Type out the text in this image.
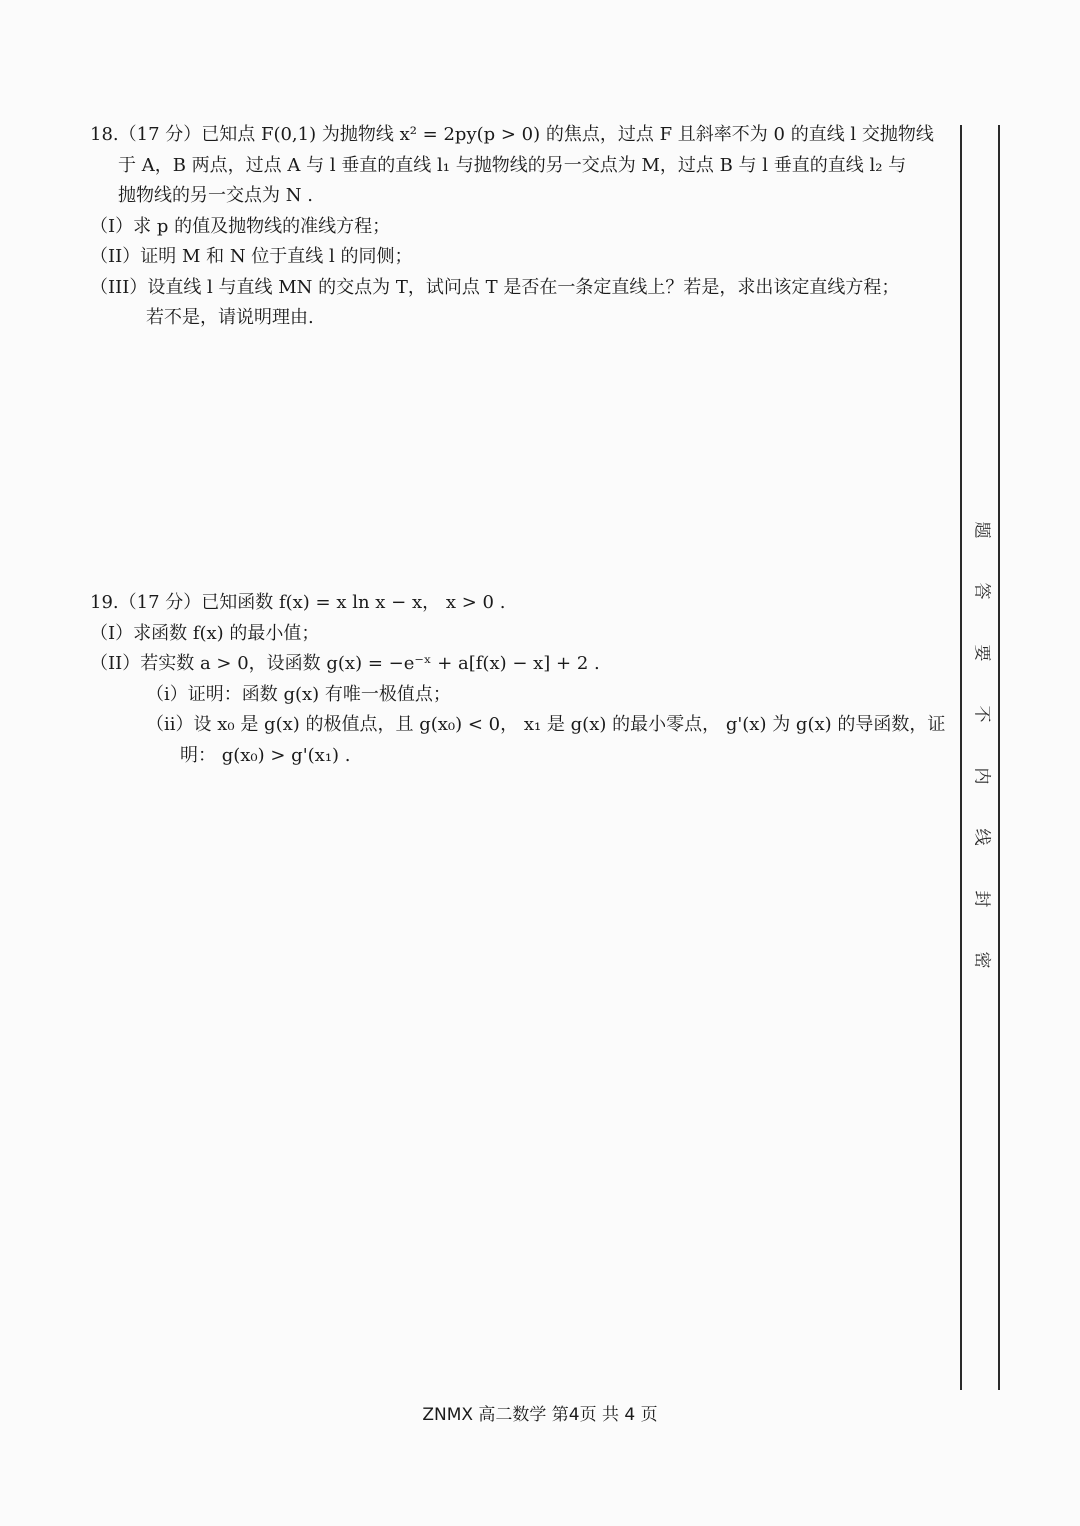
18.（17 分）已知点 F(0,1) 为抛物线 x² = 2py(p > 0) 的焦点，过点 F 且斜率不为 0 的直线 l 交抛物线
于 A，B 两点，过点 A 与 l 垂直的直线 l₁ 与抛物线的另一交点为 M，过点 B 与 l 垂直的直线 l₂ 与
抛物线的另一交点为 N .
（I）求 p 的值及抛物线的准线方程；
（II）证明 M 和 N 位于直线 l 的同侧；
（III）设直线 l 与直线 MN 的交点为 T，试问点 T 是否在一条定直线上？若是，求出该定直线方程；
若不是，请说明理由.
19.（17 分）已知函数 f(x) = x ln x − x， x > 0 .
（I）求函数 f(x) 的最小值；
（II）若实数 a > 0，设函数 g(x) = −e⁻ˣ + a[f(x) − x] + 2 .
（i）证明：函数 g(x) 有唯一极值点；
（ii）设 x₀ 是 g(x) 的极值点，且 g(x₀) < 0， x₁ 是 g(x) 的最小零点， g'(x) 为 g(x) 的导函数，证
明： g(x₀) > g'(x₁) .
题
答
要
不
内
线
封
密
ZNMX 高二数学 第4页 共 4 页
